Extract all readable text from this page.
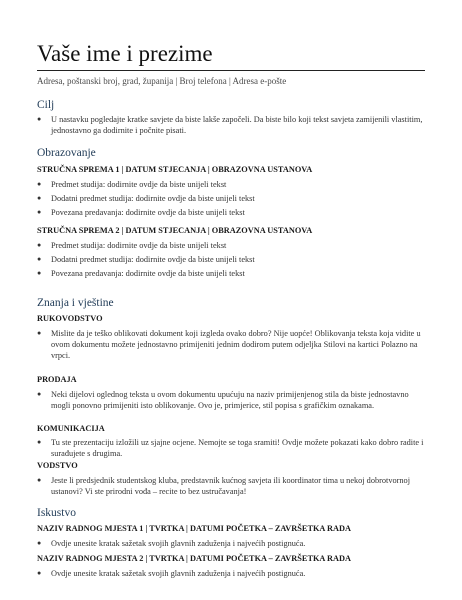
Vaše ime i prezime
Adresa, poštanski broj, grad, županija | Broj telefona | Adresa e-pošte
Cilj
● U nastavku pogledajte kratke savjete da biste lakše započeli. Da biste bilo koji tekst savjeta zamijenili vlastitim, jednostavno ga dodirnite i počnite pisati.
Obrazovanje
STRUČNA SPREMA 1 | DATUM STJECANJA | OBRAZOVNA USTANOVA
● Predmet studija: dodirnite ovdje da biste unijeli tekst
● Dodatni predmet studija: dodirnite ovdje da biste unijeli tekst
● Povezana predavanja: dodirnite ovdje da biste unijeli tekst
STRUČNA SPREMA 2 | DATUM STJECANJA | OBRAZOVNA USTANOVA
● Predmet studija: dodirnite ovdje da biste unijeli tekst
● Dodatni predmet studija: dodirnite ovdje da biste unijeli tekst
● Povezana predavanja: dodirnite ovdje da biste unijeli tekst
Znanja i vještine
RUKOVODSTVO
● Mislite da je teško oblikovati dokument koji izgleda ovako dobro? Nije uopće! Oblikovanja teksta koja vidite u ovom dokumentu možete jednostavno primijeniti jednim dodirom putem odjeljka Stilovi na kartici Polazno na vrpci.
PRODAJA
● Neki dijelovi oglednog teksta u ovom dokumentu upućuju na naziv primijenjenog stila da biste jednostavno mogli ponovno primijeniti isto oblikovanje. Ovo je, primjerice, stil popisa s grafičkim oznakama.
KOMUNIKACIJA
● Tu ste prezentaciju izložili uz sjajne ocjene. Nemojte se toga sramiti! Ovdje možete pokazati kako dobro radite i surađujete s drugima.
VODSTVO
● Jeste li predsjednik studentskog kluba, predstavnik kućnog savjeta ili koordinator tima u nekoj dobrotvornoj ustanovi? Vi ste prirodni vođa – recite to bez ustručavanja!
Iskustvo
NAZIV RADNOG MJESTA 1 | TVRTKA | DATUMI POČETKA – ZAVRŠETKA RADA
● Ovdje unesite kratak sažetak svojih glavnih zaduženja i najvećih postignuća.
NAZIV RADNOG MJESTA 2 | TVRTKA | DATUMI POČETKA – ZAVRŠETKA RADA
● Ovdje unesite kratak sažetak svojih glavnih zaduženja i najvećih postignuća.
